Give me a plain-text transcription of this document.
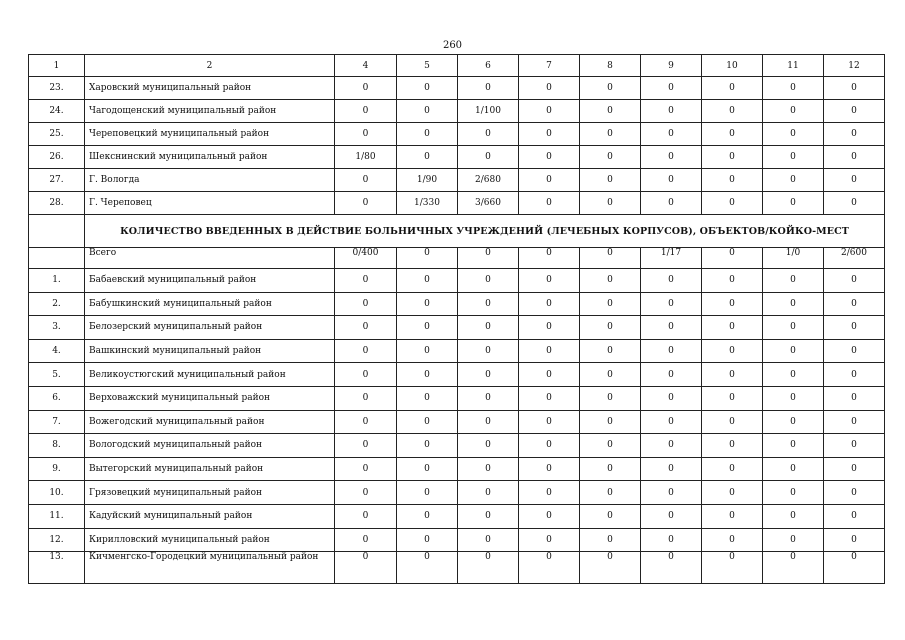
260
1	2	4	5	6	7	8	9	10	11	12
23.	Харовский муниципальный район	0	0	0	0	0	0	0	0	0
24.	Чагодощенский муниципальный район	0	0	1/100	0	0	0	0	0	0
25.	Череповецкий муниципальный район	0	0	0	0	0	0	0	0	0
26.	Шекснинский муниципальный район	1/80	0	0	0	0	0	0	0	0
27.	Г. Вологда	0	1/90	2/680	0	0	0	0	0	0
28.	Г. Череповец	0	1/330	3/660	0	0	0	0	0	0
	КОЛИЧЕСТВО ВВЕДЕННЫХ В ДЕЙСТВИЕ БОЛЬНИЧНЫХ УЧРЕЖДЕНИЙ (ЛЕЧЕБНЫХ КОРПУСОВ), ОБЪЕКТОВ/КОЙКО-МЕСТ									
	Всего	0/400	0	0	0	0	1/17	0	1/0	2/600
1.	Бабаевский муниципальный район	0	0	0	0	0	0	0	0	0
2.	Бабушкинский муниципальный район	0	0	0	0	0	0	0	0	0
3.	Белозерский муниципальный район	0	0	0	0	0	0	0	0	0
4.	Вашкинский муниципальный район	0	0	0	0	0	0	0	0	0
5.	Великоустюгский муниципальный район	0	0	0	0	0	0	0	0	0
6.	Верховажский муниципальный район	0	0	0	0	0	0	0	0	0
7.	Вожегодский муниципальный район	0	0	0	0	0	0	0	0	0
8.	Вологодский муниципальный район	0	0	0	0	0	0	0	0	0
9.	Вытегорский муниципальный район	0	0	0	0	0	0	0	0	0
10.	Грязовецкий муниципальный район	0	0	0	0	0	0	0	0	0
11.	Кадуйский муниципальный район	0	0	0	0	0	0	0	0	0
12.	Кирилловский муниципальный район	0	0	0	0	0	0	0	0	0
13.	Кичменгско-Городецкий муниципальный район	0	0	0	0	0	0	0	0	0
